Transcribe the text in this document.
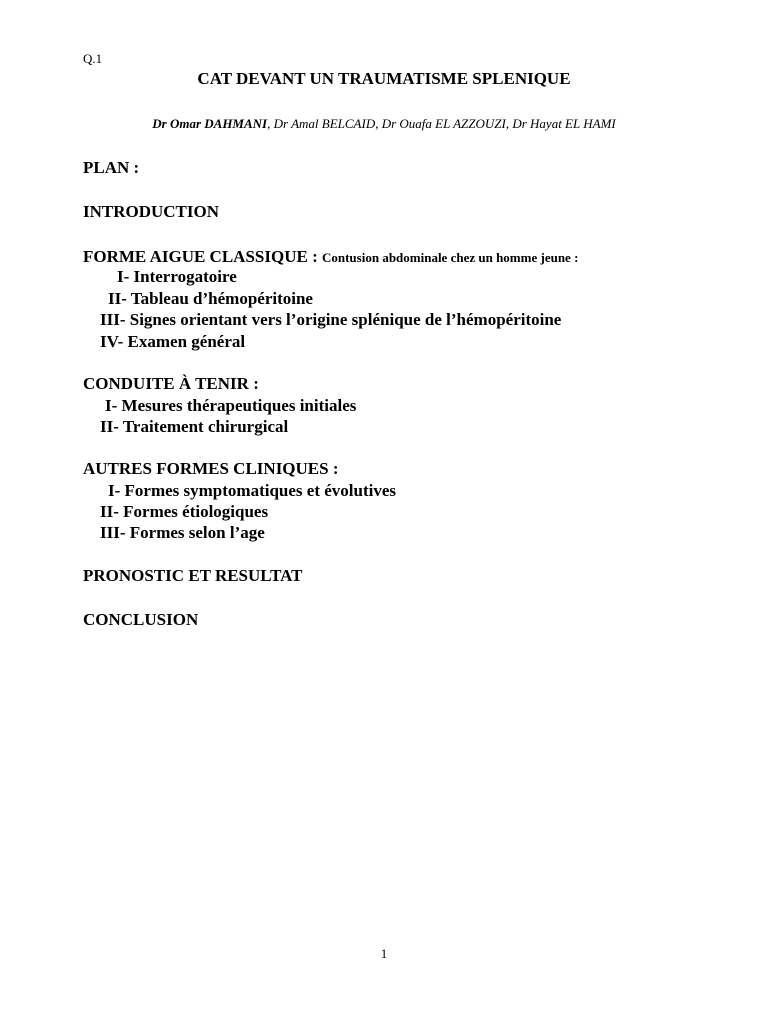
Q.1
CAT DEVANT UN TRAUMATISME SPLENIQUE
Dr Omar DAHMANI, Dr Amal BELCAID, Dr Ouafa EL AZZOUZI, Dr Hayat EL HAMI
PLAN :
INTRODUCTION
FORME AIGUE CLASSIQUE : Contusion abdominale chez un homme jeune :
I- Interrogatoire
II- Tableau d’hémopéritoine
III- Signes orientant vers l’origine splénique de l’hémopéritoine
IV- Examen général
CONDUITE À TENIR :
I- Mesures thérapeutiques initiales
II- Traitement chirurgical
AUTRES FORMES CLINIQUES :
I- Formes symptomatiques et évolutives
II- Formes étiologiques
III- Formes selon l’age
PRONOSTIC ET RESULTAT
CONCLUSION
1
